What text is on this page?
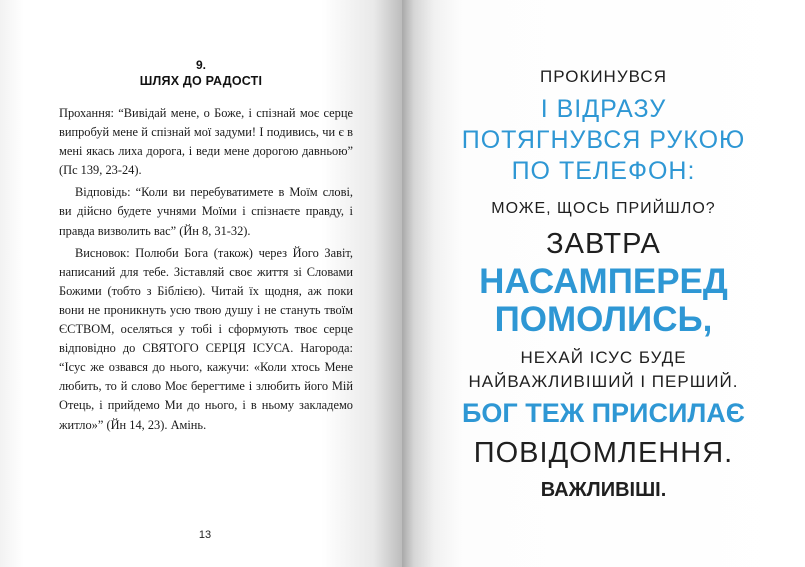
9.
ШЛЯХ ДО РАДОСТІ

Прохання: “Вивідай мене, о Боже, і спізнай моє серце випробуй мене й спізнай мої задуми! І подивись, чи є в мені якась лиха дорога, і веди мене дорогою давньою” (Пс 139, 23-24).

Відповідь: “Коли ви перебуватимете в Моїм слові, ви дійсно будете учнями Моїми і спізнаєте правду, і правда визволить вас” (Йн 8, 31-32).

Висновок: Полюби Бога (також) через Його Завіт, написаний для тебе. Зіставляй своє життя зі Словами Божими (тобто з Біблією). Читай їх щодня, аж поки вони не проникнуть усю твою душу і не стануть твоїм ЄСТВОМ, оселяться у тобі і сформують твоє серце відповідно до СВЯТОГО СЕРЦЯ ІСУСА. Нагорода: “Ісус же озвався до нього, кажучи: «Коли хтось Мене любить, то й слово Моє берегтиме і злюбить його Мій Отець, і прийдемо Ми до нього, і в ньому закладемо житло»” (Йн 14, 23). Амінь.

13
ПРОКИНУВСЯ
І ВІДРАЗУ
ПОТЯГНУВСЯ РУКОЮ
ПО ТЕЛЕФОН:
МОЖЕ, ЩОСЬ ПРИЙШЛО?
ЗАВТРА
НАСАМПЕРЕД
ПОМОЛИСЬ,
НЕХАЙ ІСУС БУДЕ
НАЙВАЖЛИВІШИЙ І ПЕРШИЙ.
БОГ ТЕЖ ПРИСИЛАЄ
ПОВІДОМЛЕННЯ.
ВАЖЛИВІШІ.
